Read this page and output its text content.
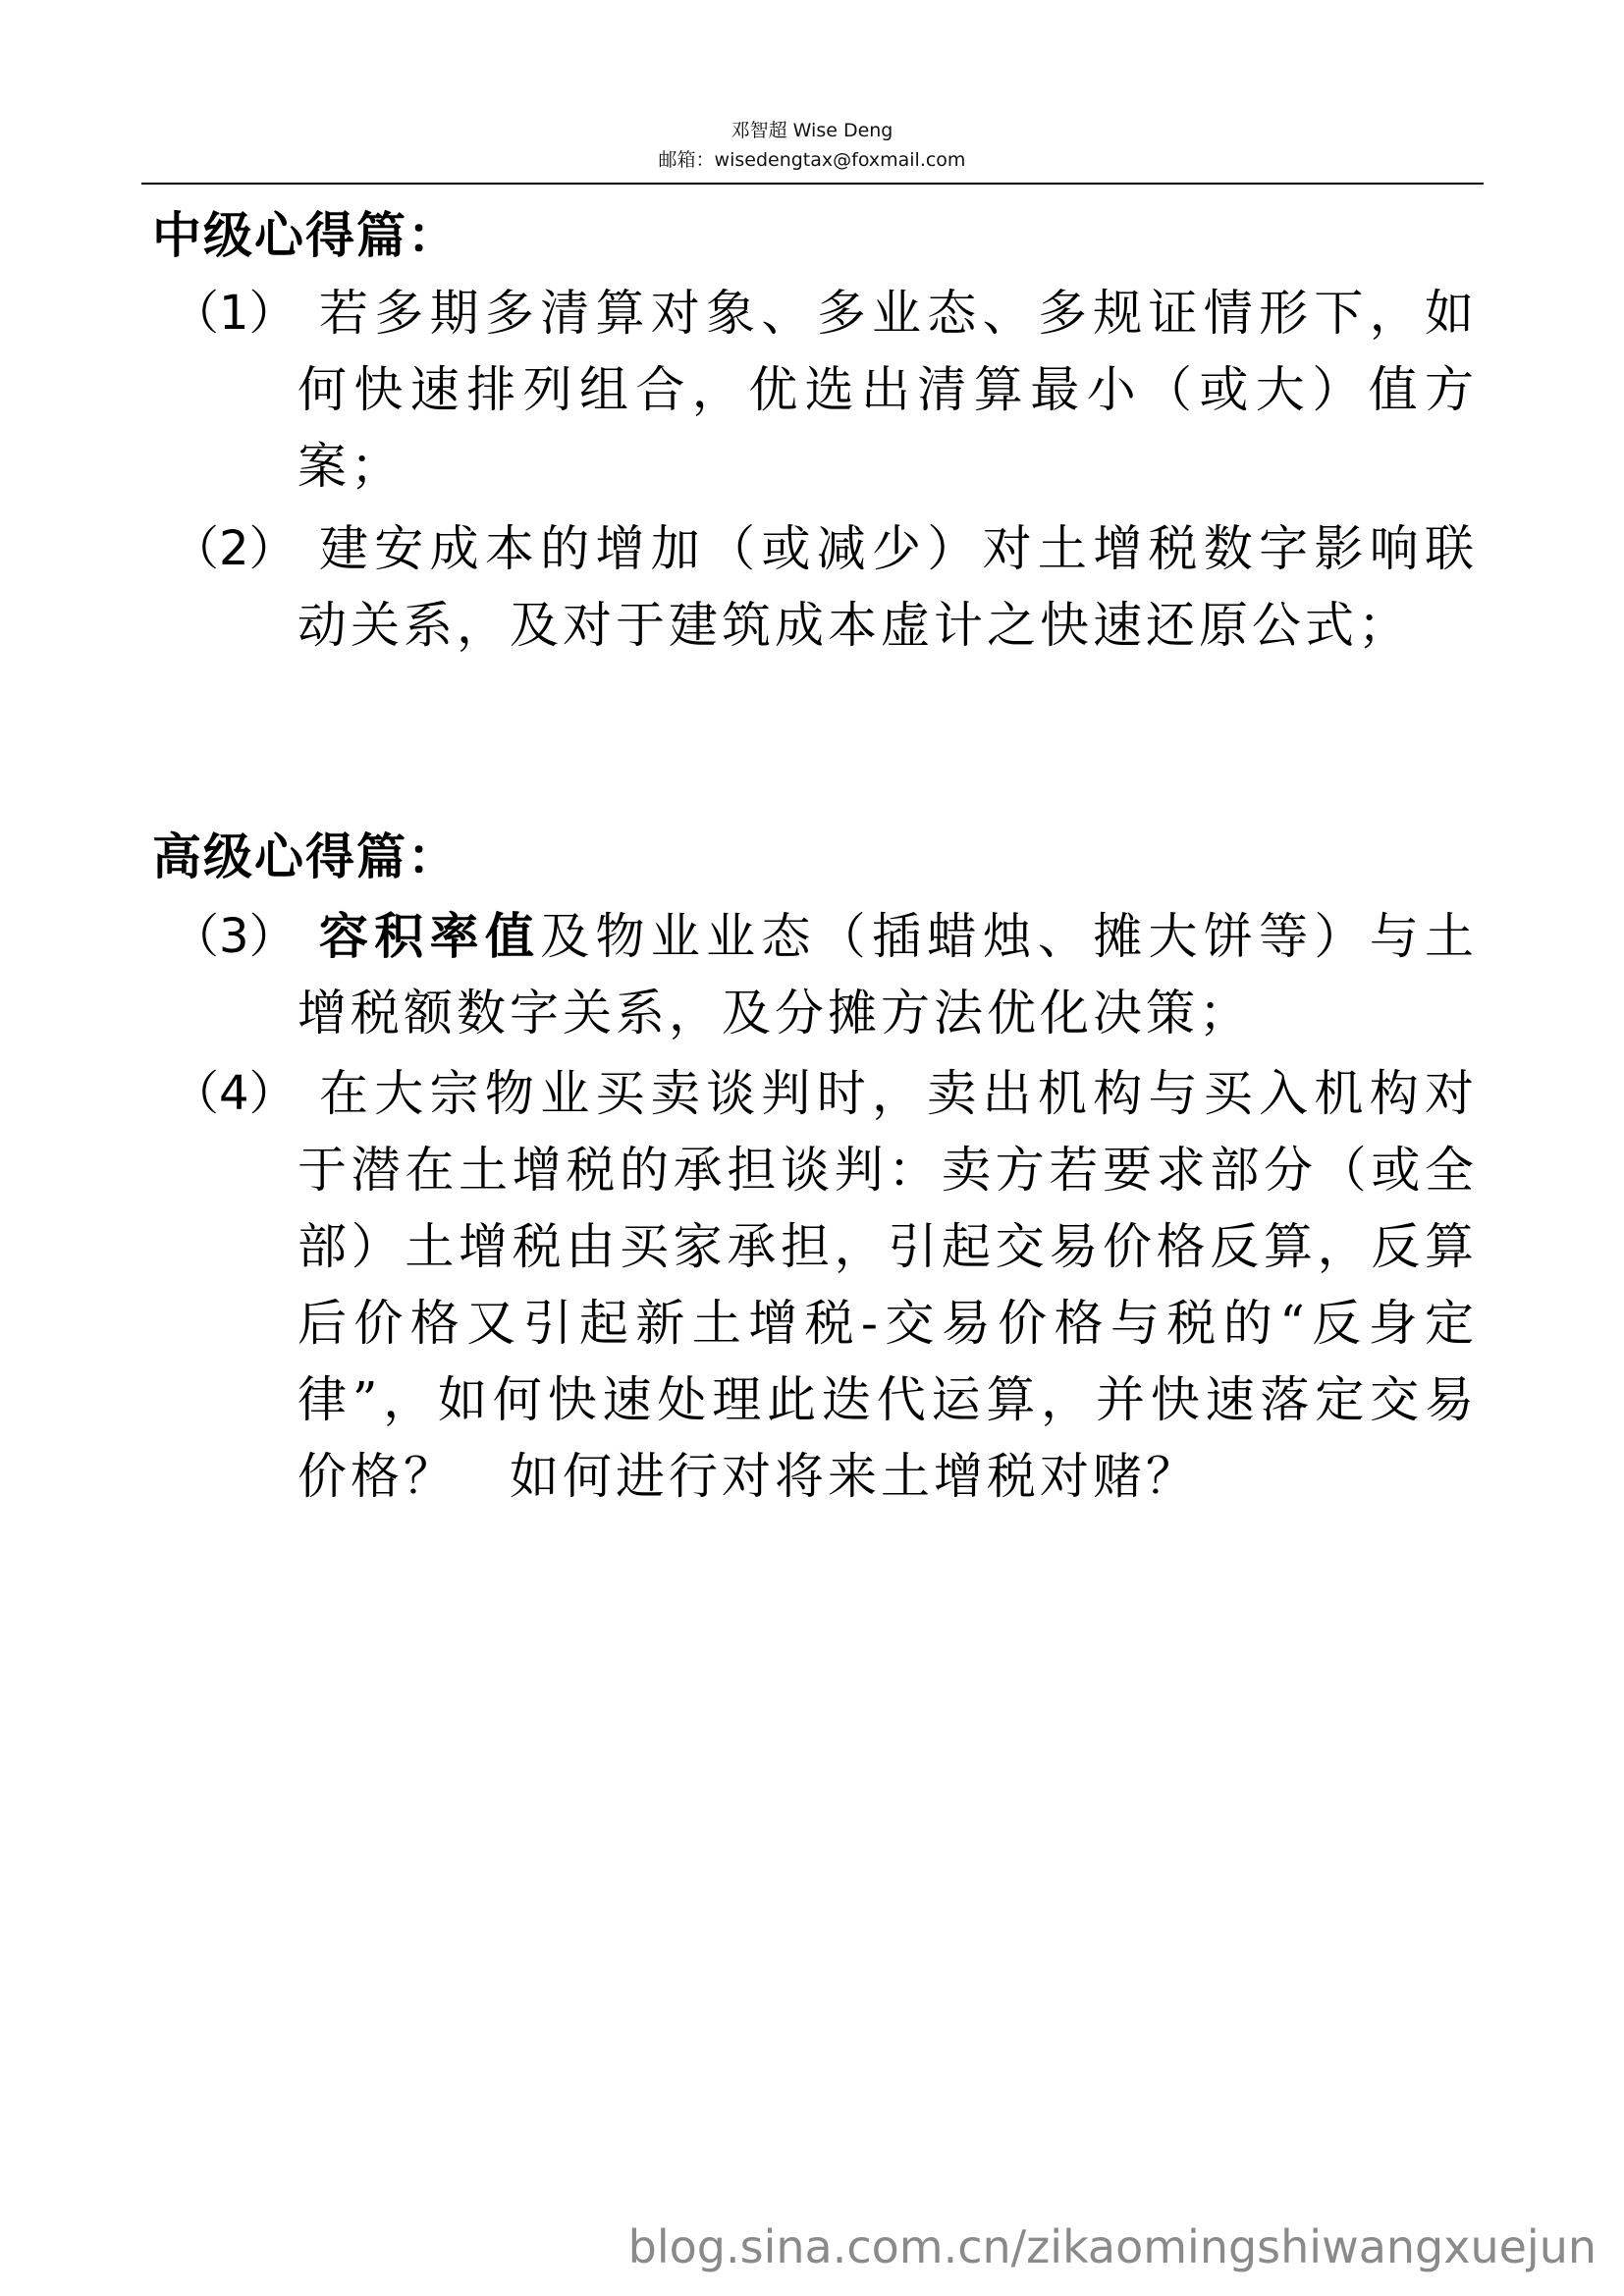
邓智超 Wise Deng
邮箱：wisedengtax@foxmail.com
中级心得篇：
（1） 若多期多清算对象、多业态、多规证情形下，如何快速排列组合，优选出清算最小（或大）值方案；
（2） 建安成本的增加（或减少）对土增税数字影响联动关系，及对于建筑成本虚计之快速还原公式；
高级心得篇：
（3） 容积率值及物业业态（插蜡烛、摊大饼等）与土增税额数字关系，及分摊方法优化决策；
（4） 在大宗物业买卖谈判时，卖出机构与买入机构对于潜在土增税的承担谈判：卖方若要求部分（或全部）土增税由买家承担，引起交易价格反算，反算后价格又引起新土增税-交易价格与税的“反身定律”，如何快速处理此迭代运算，并快速落定交易价格？　如何进行对将来土增税对赌？
blog.sina.com.cn/zikaomingshiwangxuejun
